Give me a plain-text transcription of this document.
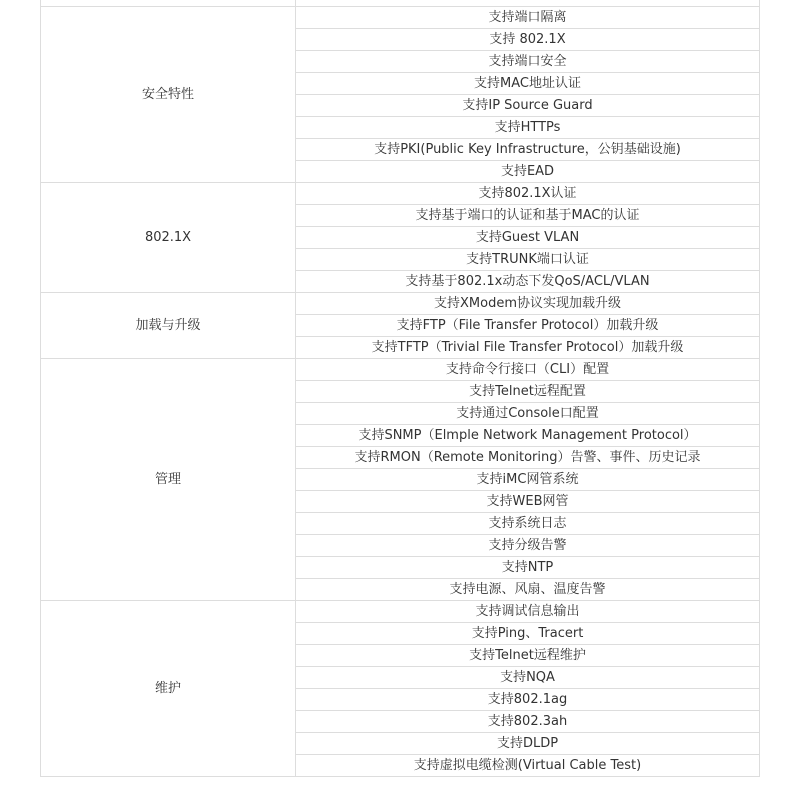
安全特性	支持端口隔离
	支持 802.1X
	支持端口安全
	支持MAC地址认证
	支持IP Source Guard
	支持HTTPs
	支持PKI(Public Key Infrastructure，公钥基础设施)
	支持EAD
802.1X	支持802.1X认证
	支持基于端口的认证和基于MAC的认证
	支持Guest VLAN
	支持TRUNK端口认证
	支持基于802.1x动态下发QoS/ACL/VLAN
加载与升级	支持XModem协议实现加载升级
	支持FTP（File Transfer Protocol）加载升级
	支持TFTP（Trivial File Transfer Protocol）加载升级
管理	支持命令行接口（CLI）配置
	支持Telnet远程配置
	支持通过Console口配置
	支持SNMP（Elmple Network Management Protocol）
	支持RMON（Remote Monitoring）告警、事件、历史记录
	支持iMC网管系统
	支持WEB网管
	支持系统日志
	支持分级告警
	支持NTP
	支持电源、风扇、温度告警
维护	支持调试信息输出
	支持Ping、Tracert
	支持Telnet远程维护
	支持NQA
	支持802.1ag
	支持802.3ah
	支持DLDP
	支持虚拟电缆检测(Virtual Cable Test)
